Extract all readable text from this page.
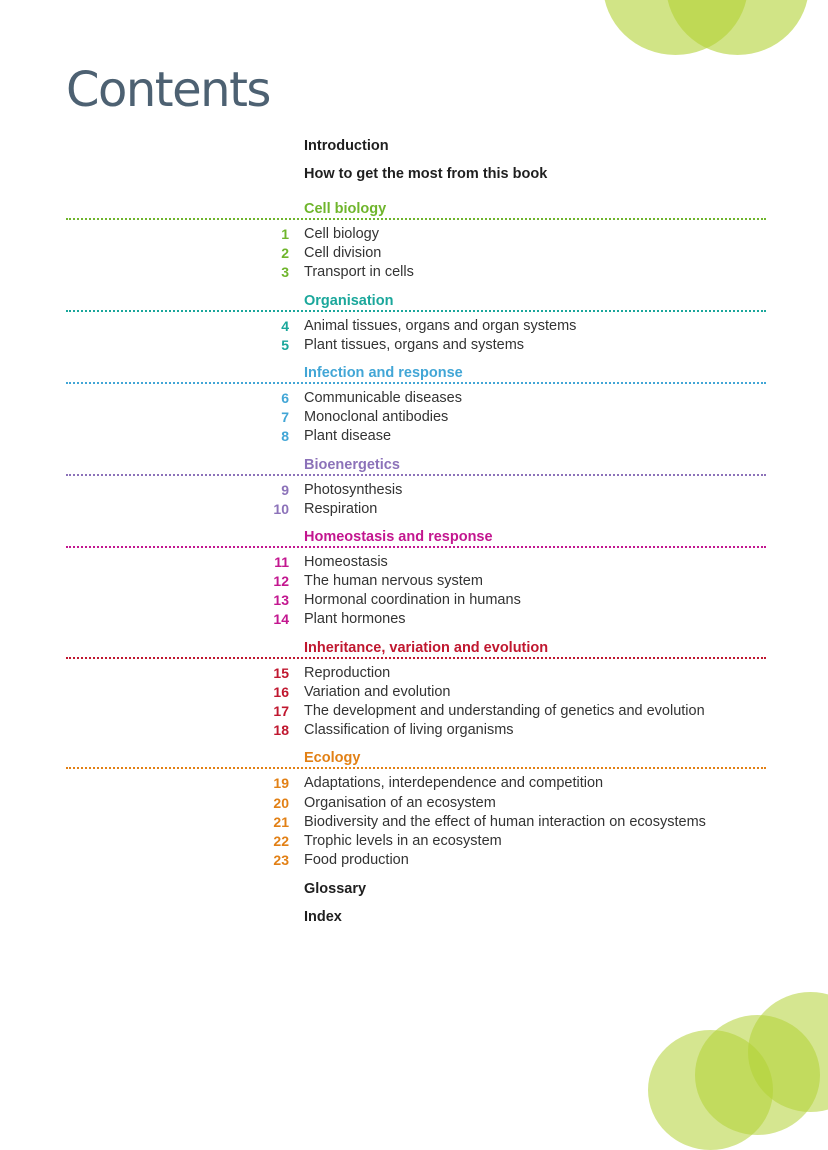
Contents
Introduction
How to get the most from this book
Cell biology
1 Cell biology
2 Cell division
3 Transport in cells
Organisation
4 Animal tissues, organs and organ systems
5 Plant tissues, organs and systems
Infection and response
6 Communicable diseases
7 Monoclonal antibodies
8 Plant disease
Bioenergetics
9 Photosynthesis
10 Respiration
Homeostasis and response
11 Homeostasis
12 The human nervous system
13 Hormonal coordination in humans
14 Plant hormones
Inheritance, variation and evolution
15 Reproduction
16 Variation and evolution
17 The development and understanding of genetics and evolution
18 Classification of living organisms
Ecology
19 Adaptations, interdependence and competition
20 Organisation of an ecosystem
21 Biodiversity and the effect of human interaction on ecosystems
22 Trophic levels in an ecosystem
23 Food production
Glossary
Index
